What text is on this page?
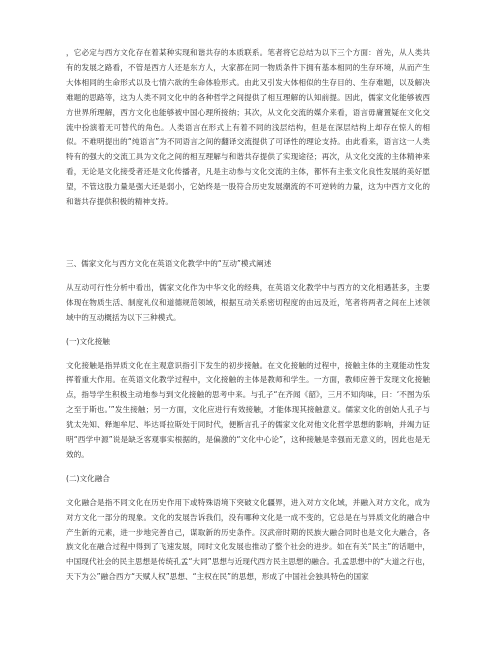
，它必定与西方文化存在着某种实现和谐共存的本质联系。笔者将它总结为以下三个方面：首先，从人类共有的发展之路看，不管是西方人还是东方人，大家都在同一物质条件下拥有基本相同的生存环境，从而产生大体相同的生命形式以及七情六欲的生命体验形式。由此又引发大体相似的生存目的、生存难题，以及解决难题的思路等，这为人类不同文化中的各种哲学之间提供了相互理解的认知前提。因此，儒家文化能够被西方世界所理解，西方文化也能够被中国心理所接纳；其次，从文化交流的媒介来看，语言毋庸置疑在文化交流中扮演着无可替代的角色。人类语言在形式上有着不同的浅层结构，但是在深层结构上却存在惊人的相似。不难明提出的“纯语言”为不同语言之间的翻译交流提供了可译性的理论支持。由此看来，语言这一人类特有的强大的交流工具为文化之间的相互理解与和谐共存提供了实现途径；再次，从文化交流的主体精神来看，无论是文化接受者还是文化传播者，凡是主动参与文化交流的主体，都怀有主张文化良性发展的美好愿望，不管这股力量是强大还是弱小，它始终是一股符合历史发展潮流的不可逆转的力量，这为中西方文化的和谐共存提供积极的精神支持。

三、儒家文化与西方文化在英语文化教学中的“互动”模式阐述

从互动可行性分析中看出，儒家文化作为中华文化的经典，在英语文化教学中与西方的文化相遇甚多，主要体现在物质生活、制度礼仪和道德规范领域，根据互动关系密切程度的由远及近，笔者将两者之间在上述领域中的互动概括为以下三种模式。

(一)文化接触

文化接触是指异质文化在主观意识指引下发生的初步接触。在文化接触的过程中，接触主体的主观能动性发挥着重大作用。在英语文化教学过程中，文化接触的主体是教师和学生。一方面，教师应善于发现文化接触点，指导学生积极主动地参与到文化接触的思考中来。与孔子“在齐闻《韶》，三月不知肉味，曰：‘不图为乐之至于斯也。’”发生接触；另一方面，文化应进行有效接触，才能体现其接触意义。儒家文化的创始人孔子与犹太先知、释迦牟尼、毕达哥拉斯处于同时代，便断言孔子的儒家文化对他文化哲学思想的影响，并竭力证明“西学中源”说是缺乏客观事实根据的，是偏激的“文化中心论”，这种接触是幸强而无意义的，因此也是无效的。

(二)文化融合

文化融合是指不同文化在历史作用下或特殊语境下突破文化疆界，进入对方文化域，并融入对方文化，成为对方文化一部分的现象。文化的发展告诉我们，没有哪种文化是一成不变的，它总是在与异质文化的融合中产生新的元素，进一步地完善自己，谋取新的历史条件。汉武帝时期的民族大融合同时也是文化大融合，各族文化在融合过程中得到了飞速发展，同时文化发展也推动了整个社会的进步。如在有关“民主”的话题中，中国现代社会的民主思想是传统孔孟“大同”思想与近现代西方民主思想的融合。孔孟思想中的“大道之行也，天下为公”融合西方“天赋人权”思想、“主权在民”的思想，形成了中国社会独具特色的国家
